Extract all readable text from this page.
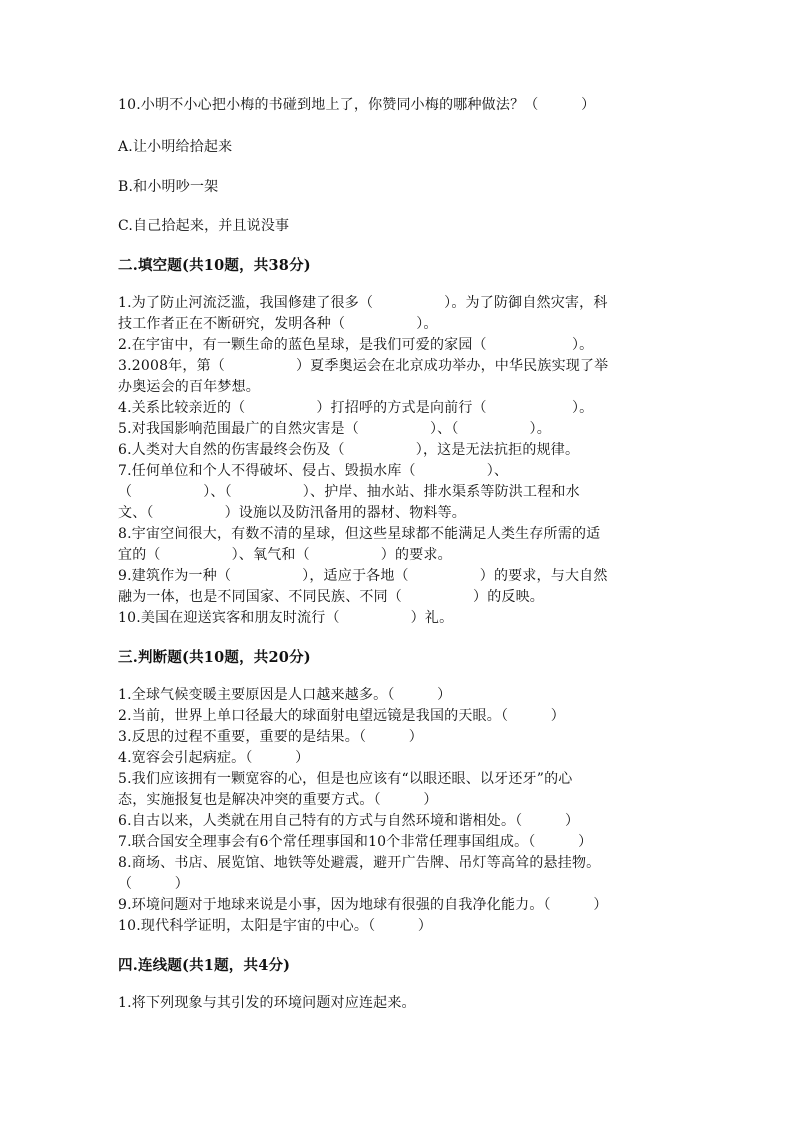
10.小明不小心把小梅的书碰到地上了，你赞同小梅的哪种做法？（　　　）
A.让小明给拾起来
B.和小明吵一架
C.自己拾起来，并且说没事
二.填空题(共10题，共38分)
1.为了防止河流泛滥，我国修建了很多（　　　　　）。为了防御自然灾害，科
技工作者正在不断研究，发明各种（　　　　　）。
2.在宇宙中，有一颗生命的蓝色星球，是我们可爱的家园（　　　　　　）。
3.2008年，第（　　　　　）夏季奥运会在北京成功举办，中华民族实现了举
办奥运会的百年梦想。
4.关系比较亲近的（　　　　　）打招呼的方式是向前行（　　　　　　）。
5.对我国影响范围最广的自然灾害是（　　　　　）、（　　　　　）。
6.人类对大自然的伤害最终会伤及（　　　　　），这是无法抗拒的规律。
7.任何单位和个人不得破坏、侵占、毁损水库（　　　　　）、
（　　　　　）、（　　　　　）、护岸、抽水站、排水渠系等防洪工程和水
文、（　　　　　）设施以及防汛备用的器材、物料等。
8.宇宙空间很大，有数不清的星球，但这些星球都不能满足人类生存所需的适
宜的（　　　　　）、氧气和（　　　　　）的要求。
9.建筑作为一种（　　　　　），适应于各地（　　　　　）的要求，与大自然
融为一体，也是不同国家、不同民族、不同（　　　　　）的反映。
10.美国在迎送宾客和朋友时流行（　　　　　）礼。
三.判断题(共10题，共20分)
1.全球气候变暖主要原因是人口越来越多。（　　　）
2.当前，世界上单口径最大的球面射电望远镜是我国的天眼。（　　　）
3.反思的过程不重要，重要的是结果。（　　　）
4.宽容会引起病症。（　　　）
5.我们应该拥有一颗宽容的心，但是也应该有“以眼还眼、以牙还牙”的心
态，实施报复也是解决冲突的重要方式。（　　　）
6.自古以来，人类就在用自己特有的方式与自然环境和谐相处。（　　　）
7.联合国安全理事会有6个常任理事国和10个非常任理事国组成。（　　　）
8.商场、书店、展览馆、地铁等处避震，避开广告牌、吊灯等高耸的悬挂物。
（　　　）
9.环境问题对于地球来说是小事，因为地球有很强的自我净化能力。（　　　）
10.现代科学证明，太阳是宇宙的中心。（　　　）
四.连线题(共1题，共4分)
1.将下列现象与其引发的环境问题对应连起来。
